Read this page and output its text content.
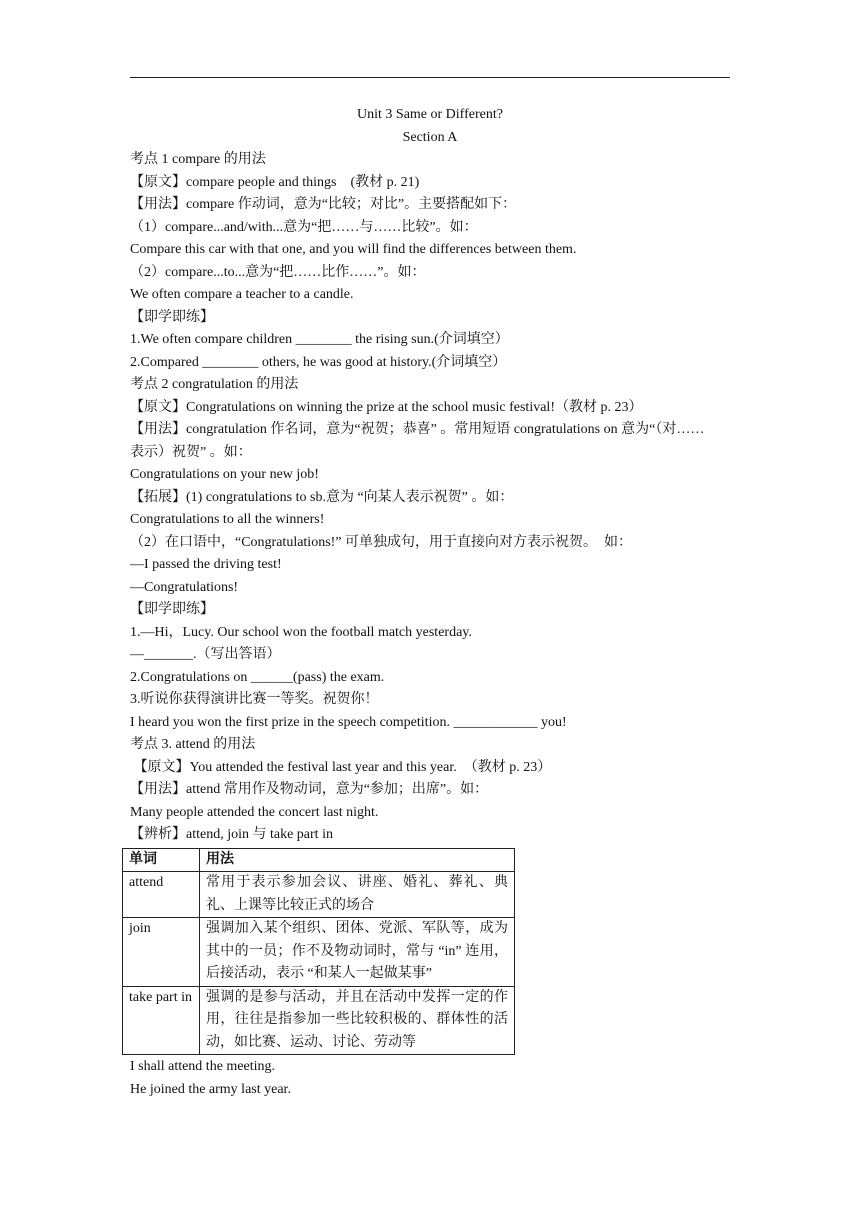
Unit 3 Same or Different?
Section A
考点 1 compare 的用法
【原文】compare people and things    (教材 p. 21)
【用法】compare 作动词，意为“比较；对比”。主要搭配如下：
（1）compare...and/with...意为“把……与……比较”。如：
Compare this car with that one, and you will find the differences between them.
（2）compare...to...意为“把……比作……”。如：
We often compare a teacher to a candle.
【即学即练】
1.We often compare children ________ the rising sun.(介词填空）
2.Compared ________ others, he was good at history.(介词填空）
考点 2 congratulation 的用法
【原文】Congratulations on winning the prize at the school music festival!（教材 p. 23）
【用法】congratulation 作名词，意为“祝贺；恭喜” 。常用短语 congratulations on 意为“（对……
表示）祝贺” 。如：
Congratulations on your new job!
【拓展】(1) congratulations to sb.意为 “向某人表示祝贺” 。如：
Congratulations to all the winners!
（2）在口语中，“Congratulations!” 可单独成句，用于直接向对方表示祝贺。  如：
—I passed the driving test!
—Congratulations!
【即学即练】
1.—Hi，Lucy. Our school won the football match yesterday.
—_______.（写出答语）
2.Congratulations on ______(pass) the exam.
3.听说你获得演讲比赛一等奖。祝贺你！
I heard you won the first prize in the speech competition. ____________ you!
考点 3. attend 的用法
【原文】You attended the festival last year and this year.  （教材 p. 23）
【用法】attend 常用作及物动词，意为“参加；出席”。如：
Many people attended the concert last night.
【辨析】attend, join 与 take part in
单词	用法
attend	常用于表示参加会议、讲座、婚礼、葬礼、典礼、上课等比较正式的场合
join	强调加入某个组织、团体、党派、军队等，成为其中的一员；作不及物动词时，常与 “in” 连用，后接活动，表示 “和某人一起做某事”
take part in	强调的是参与活动，并且在活动中发挥一定的作用，往往是指参加一些比较积极的、群体性的活动，如比赛、运动、讨论、劳动等
I shall attend the meeting.
He joined the army last year.
